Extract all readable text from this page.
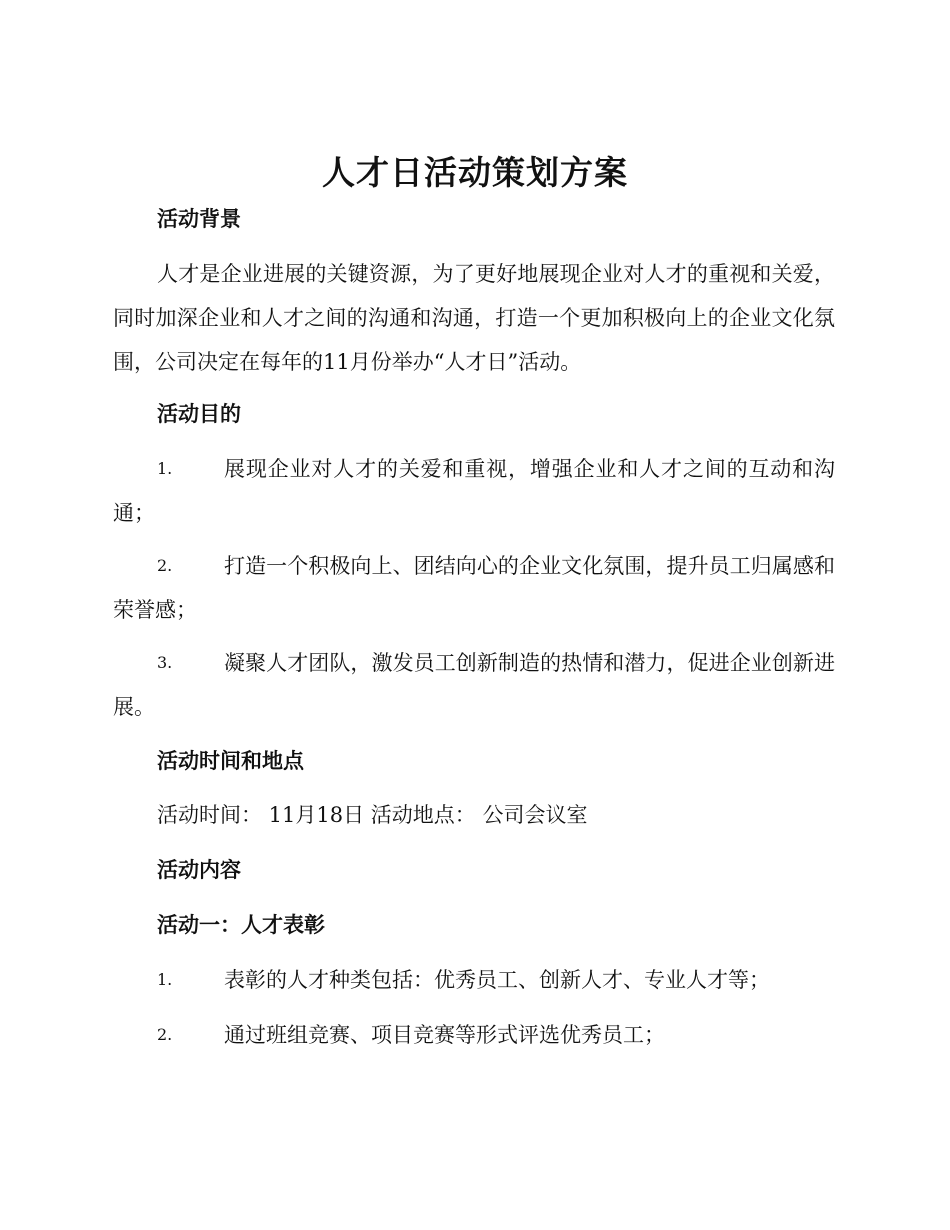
人才日活动策划方案
活动背景
人才是企业进展的关键资源，为了更好地展现企业对人才的重视和关爱，同时加深企业和人才之间的沟通和沟通，打造一个更加积极向上的企业文化氛围，公司决定在每年的11月份举办“人才日”活动。
活动目的
1.	展现企业对人才的关爱和重视，增强企业和人才之间的互动和沟通；
2.	打造一个积极向上、团结向心的企业文化氛围，提升员工归属感和荣誉感；
3.	凝聚人才团队，激发员工创新制造的热情和潜力，促进企业创新进展。
活动时间和地点
活动时间： 11月18日 活动地点： 公司会议室
活动内容
活动一：人才表彰
1.	表彰的人才种类包括：优秀员工、创新人才、专业人才等；
2.	通过班组竞赛、项目竞赛等形式评选优秀员工；
